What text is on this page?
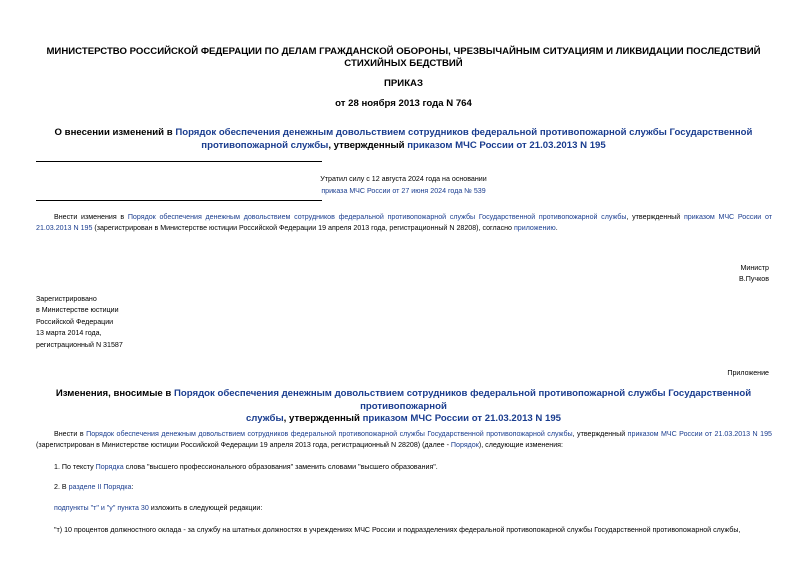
МИНИСТЕРСТВО РОССИЙСКОЙ ФЕДЕРАЦИИ ПО ДЕЛАМ ГРАЖДАНСКОЙ ОБОРОНЫ, ЧРЕЗВЫЧАЙНЫМ СИТУАЦИЯМ И ЛИКВИДАЦИИ ПОСЛЕДСТВИЙ СТИХИЙНЫХ БЕДСТВИЙ
ПРИКАЗ
от 28 ноября 2013 года N 764
О внесении изменений в Порядок обеспечения денежным довольствием сотрудников федеральной противопожарной службы Государственной противопожарной службы, утвержденный приказом МЧС России от 21.03.2013 N 195
Утратил силу с 12 августа 2024 года на основании
приказа МЧС России от 27 июня 2024 года № 539
Внести изменения в Порядок обеспечения денежным довольствием сотрудников федеральной противопожарной службы Государственной противопожарной службы, утвержденный приказом МЧС России от 21.03.2013 N 195 (зарегистрирован в Министерстве юстиции Российской Федерации 19 апреля 2013 года, регистрационный N 28208), согласно приложению.
Министр
В.Пучков
Зарегистрировано
в Министерстве юстиции
Российской Федерации
13 марта 2014 года,
регистрационный N 31587
Приложение
Изменения, вносимые в Порядок обеспечения денежным довольствием сотрудников федеральной противопожарной службы Государственной противопожарной
службы, утвержденный приказом МЧС России от 21.03.2013 N 195
Внести в Порядок обеспечения денежным довольствием сотрудников федеральной противопожарной службы Государственной противопожарной службы, утвержденный приказом МЧС России от 21.03.2013 N 195 (зарегистрирован в Министерстве юстиции Российской Федерации 19 апреля 2013 года, регистрационный N 28208) (далее - Порядок), следующие изменения:
1. По тексту Порядка слова "высшего профессионального образования" заменить словами "высшего образования".
2. В разделе II Порядка:
подпункты "т" и "у" пункта 30 изложить в следующей редакции:
"т) 10 процентов должностного оклада - за службу на штатных должностях в учреждениях МЧС России и подразделениях федеральной противопожарной службы Государственной противопожарной службы,
